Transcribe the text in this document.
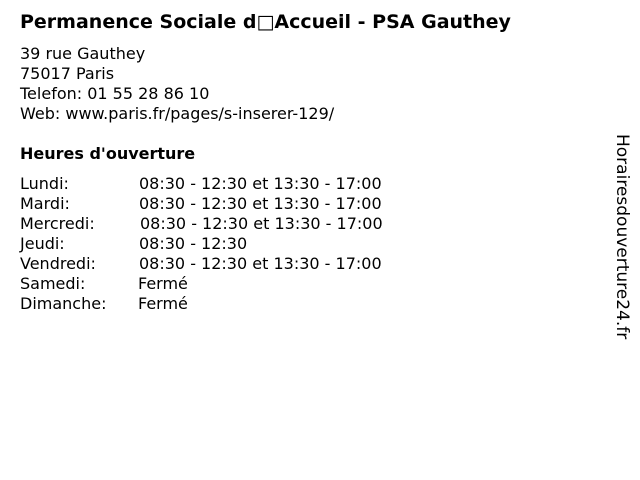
Permanence Sociale d□Accueil - PSA Gauthey
39 rue Gauthey
75017 Paris
Telefon: 01 55 28 86 10
Web: www.paris.fr/pages/s-inserer-129/
Heures d'ouverture
Lundi:	08:30 - 12:30 et 13:30 - 17:00
Mardi:	08:30 - 12:30 et 13:30 - 17:00
Mercredi:	08:30 - 12:30 et 13:30 - 17:00
Jeudi:	08:30 - 12:30
Vendredi:	08:30 - 12:30 et 13:30 - 17:00
Samedi:	Fermé
Dimanche: Fermé	Horairesdouverture24.fr
